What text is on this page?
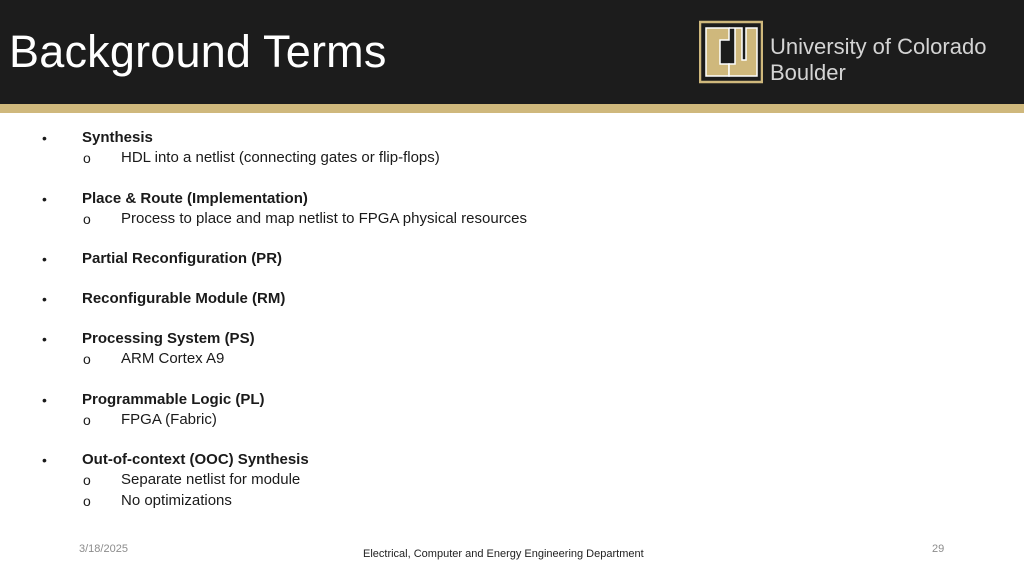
Background Terms	University of Colorado
Boulder
• Synthesis
o HDL into a netlist (connecting gates or flip-flops)
• Place & Route (Implementation)
o Process to place and map netlist to FPGA physical resources
• Partial Reconfiguration (PR)
• Reconfigurable Module (RM)
• Processing System (PS)
o ARM Cortex A9
• Programmable Logic (PL)
o FPGA (Fabric)
• Out-of-context (OOC) Synthesis
o Separate netlist for module
o No optimizations
3/18/2025	Electrical, Computer and Energy Engineering Department	29
